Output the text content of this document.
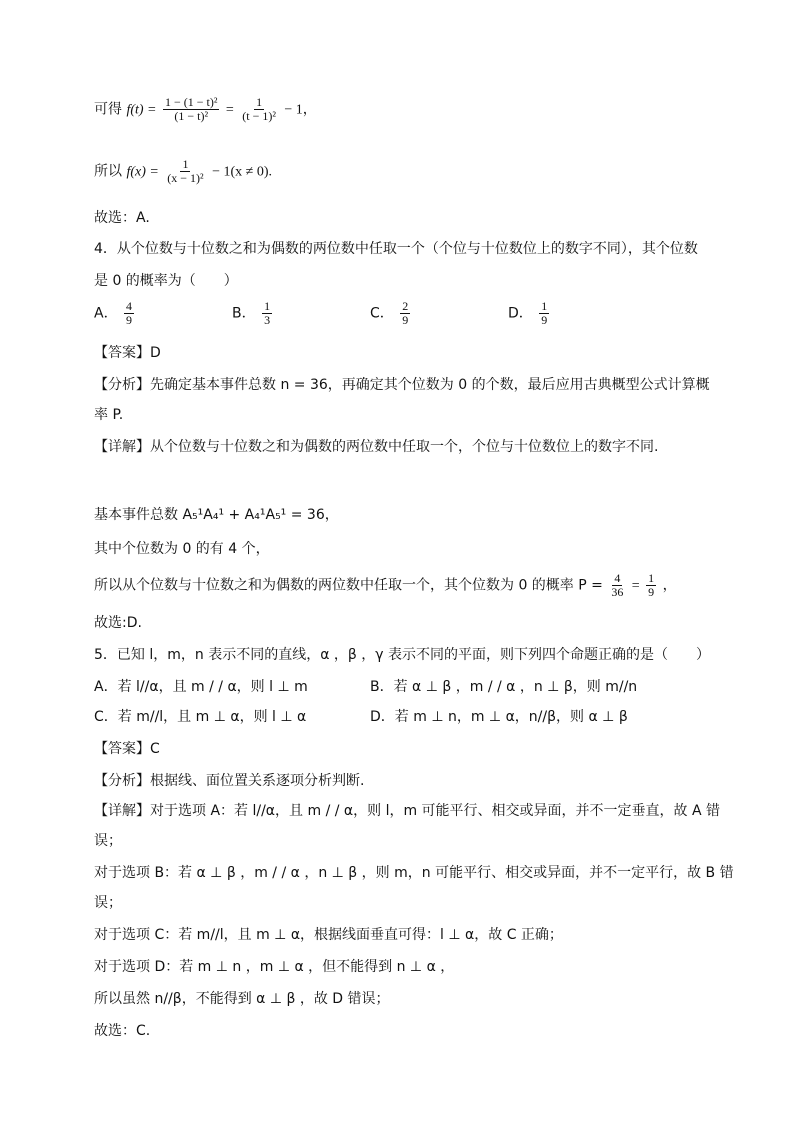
可得 $f(t) = \frac{\text{1 − (1 − t)²}}{\text{(1 − t)²}} = \frac{1}{\text{(t − 1)²}} - 1$，
所以 $f(x) = \frac{1}{\text{(x − 1)²}} - 1(x \ne 0)$.
故选：A.
4．从个位数与十位数之和为偶数的两位数中任取一个（个位与十位数位上的数字不同），其个位数
是 0 的概率为（　　）
A． $\frac{4}{9}$	B． $\frac{1}{3}$	C． $\frac{2}{9}$	D． $\frac{1}{9}$
【答案】D
【分析】先确定基本事件总数 n = 36，再确定其个位数为 0 的个数，最后应用古典概型公式计算概
率 P.
【详解】从个位数与十位数之和为偶数的两位数中任取一个，个位与十位数位上的数字不同.
基本事件总数 A₅¹A₄¹ + A₄¹A₅¹ = 36，
其中个位数为 0 的有 4 个，
所以从个位数与十位数之和为偶数的两位数中任取一个，其个位数为 0 的概率 $P = \frac{4}{36} = \frac{1}{9}$ ，
故选:D.
5．已知 l，m，n 表示不同的直线，α ，β ，γ 表示不同的平面，则下列四个命题正确的是（　　）
A．若 l//α，且 m / / α，则 l ⊥ m	B．若 α ⊥ β ，m / / α ，n ⊥ β，则 m//n
C．若 m//l，且 m ⊥ α，则 l ⊥ α	D．若 m ⊥ n，m ⊥ α，n//β，则 α ⊥ β
【答案】C
【分析】根据线、面位置关系逐项分析判断.
【详解】对于选项 A：若 l//α，且 m / / α，则 l，m 可能平行、相交或异面，并不一定垂直，故 A 错
误；
对于选项 B：若 α ⊥ β ，m / / α ，n ⊥ β ，则 m，n 可能平行、相交或异面，并不一定平行，故 B 错
误；
对于选项 C：若 m//l，且 m ⊥ α，根据线面垂直可得：l ⊥ α，故 C 正确；
对于选项 D：若 m ⊥ n ，m ⊥ α ，但不能得到 n ⊥ α ，
所以虽然 n//β，不能得到 α ⊥ β ，故 D 错误；
故选：C.
